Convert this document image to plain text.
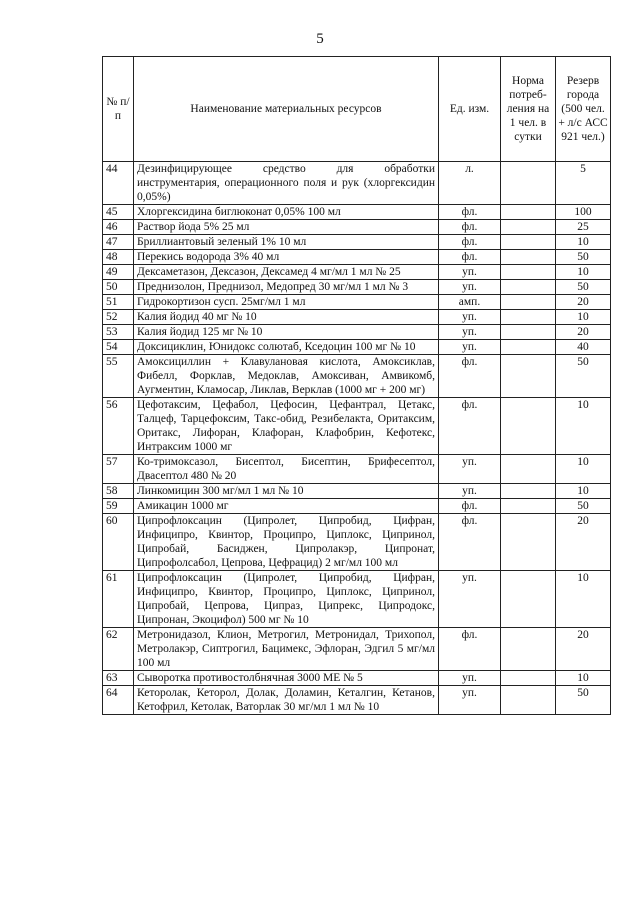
5
№ п/п	Наименование материальных ресурсов	Ед. изм.	Норма потреб-ления на 1 чел. в сутки	Резерв города (500 чел. + л/с АСС 921 чел.)
44	Дезинфицирующее средство для обработки инструментария, операционного поля и рук (хлоргексидин 0,05%)	л.		5
45	Хлоргексидина биглюконат 0,05% 100 мл	фл.		100
46	Раствор йода 5% 25 мл	фл.		25
47	Бриллиантовый зеленый 1% 10 мл	фл.		10
48	Перекись водорода 3% 40 мл	фл.		50
49	Дексаметазон, Дексазон, Дексамед 4 мг/мл 1 мл № 25	уп.		10
50	Преднизолон, Преднизол, Медопред 30 мг/мл 1 мл № 3	уп.		50
51	Гидрокортизон сусп. 25мг/мл 1 мл	амп.		20
52	Калия йодид 40 мг № 10	уп.		10
53	Калия йодид 125 мг № 10	уп.		20
54	Доксициклин, Юнидокс солютаб, Кседоцин 100 мг № 10	уп.		40
55	Амоксициллин + Клавулановая кислота, Амоксиклав, Фибелл, Форклав, Медоклав, Амоксиван, Амвикомб, Аугментин, Кламосар, Ликлав, Верклав (1000 мг + 200 мг)	фл.		50
56	Цефотаксим, Цефабол, Цефосин, Цефантрал, Цетакс, Талцеф, Тарцефоксим, Такс-обид, Резибелакта, Оритаксим, Оритакс, Лифоран, Клафоран, Клафобрин, Кефотекс, Интраксим 1000 мг	фл.		10
57	Ко-тримоксазол, Бисептол, Бисептин, Брифесептол, Двасептол 480 № 20	уп.		10
58	Линкомицин 300 мг/мл 1 мл № 10	уп.		10
59	Амикацин 1000 мг	фл.		50
60	Ципрофлоксацин (Ципролет, Ципробид, Цифран, Инфиципро, Квинтор, Проципро, Циплокс, Ципринол, Ципробай, Басиджен, Ципролакэр, Ципронат, Ципрофолсабол, Цепрова, Цефрацид) 2 мг/мл 100 мл	фл.		20
61	Ципрофлоксацин (Ципролет, Ципробид, Цифран, Инфиципро, Квинтор, Проципро, Циплокс, Ципринол, Ципробай, Цепрова, Ципраз, Ципрекс, Ципродокс, Ципронан, Экоцифол) 500 мг № 10	уп.		10
62	Метронидазол, Клион, Метрогил, Метронидал, Трихопол, Метролакэр, Сиптрогил, Бацимекс, Эфлоран, Эдгил 5 мг/мл 100 мл	фл.		20
63	Сыворотка противостолбнячная 3000 МЕ № 5	уп.		10
64	Кеторолак, Кеторол, Долак, Доламин, Кеталгин, Кетанов, Кетофрил, Кетолак, Ваторлак 30 мг/мл 1 мл № 10	уп.		50
